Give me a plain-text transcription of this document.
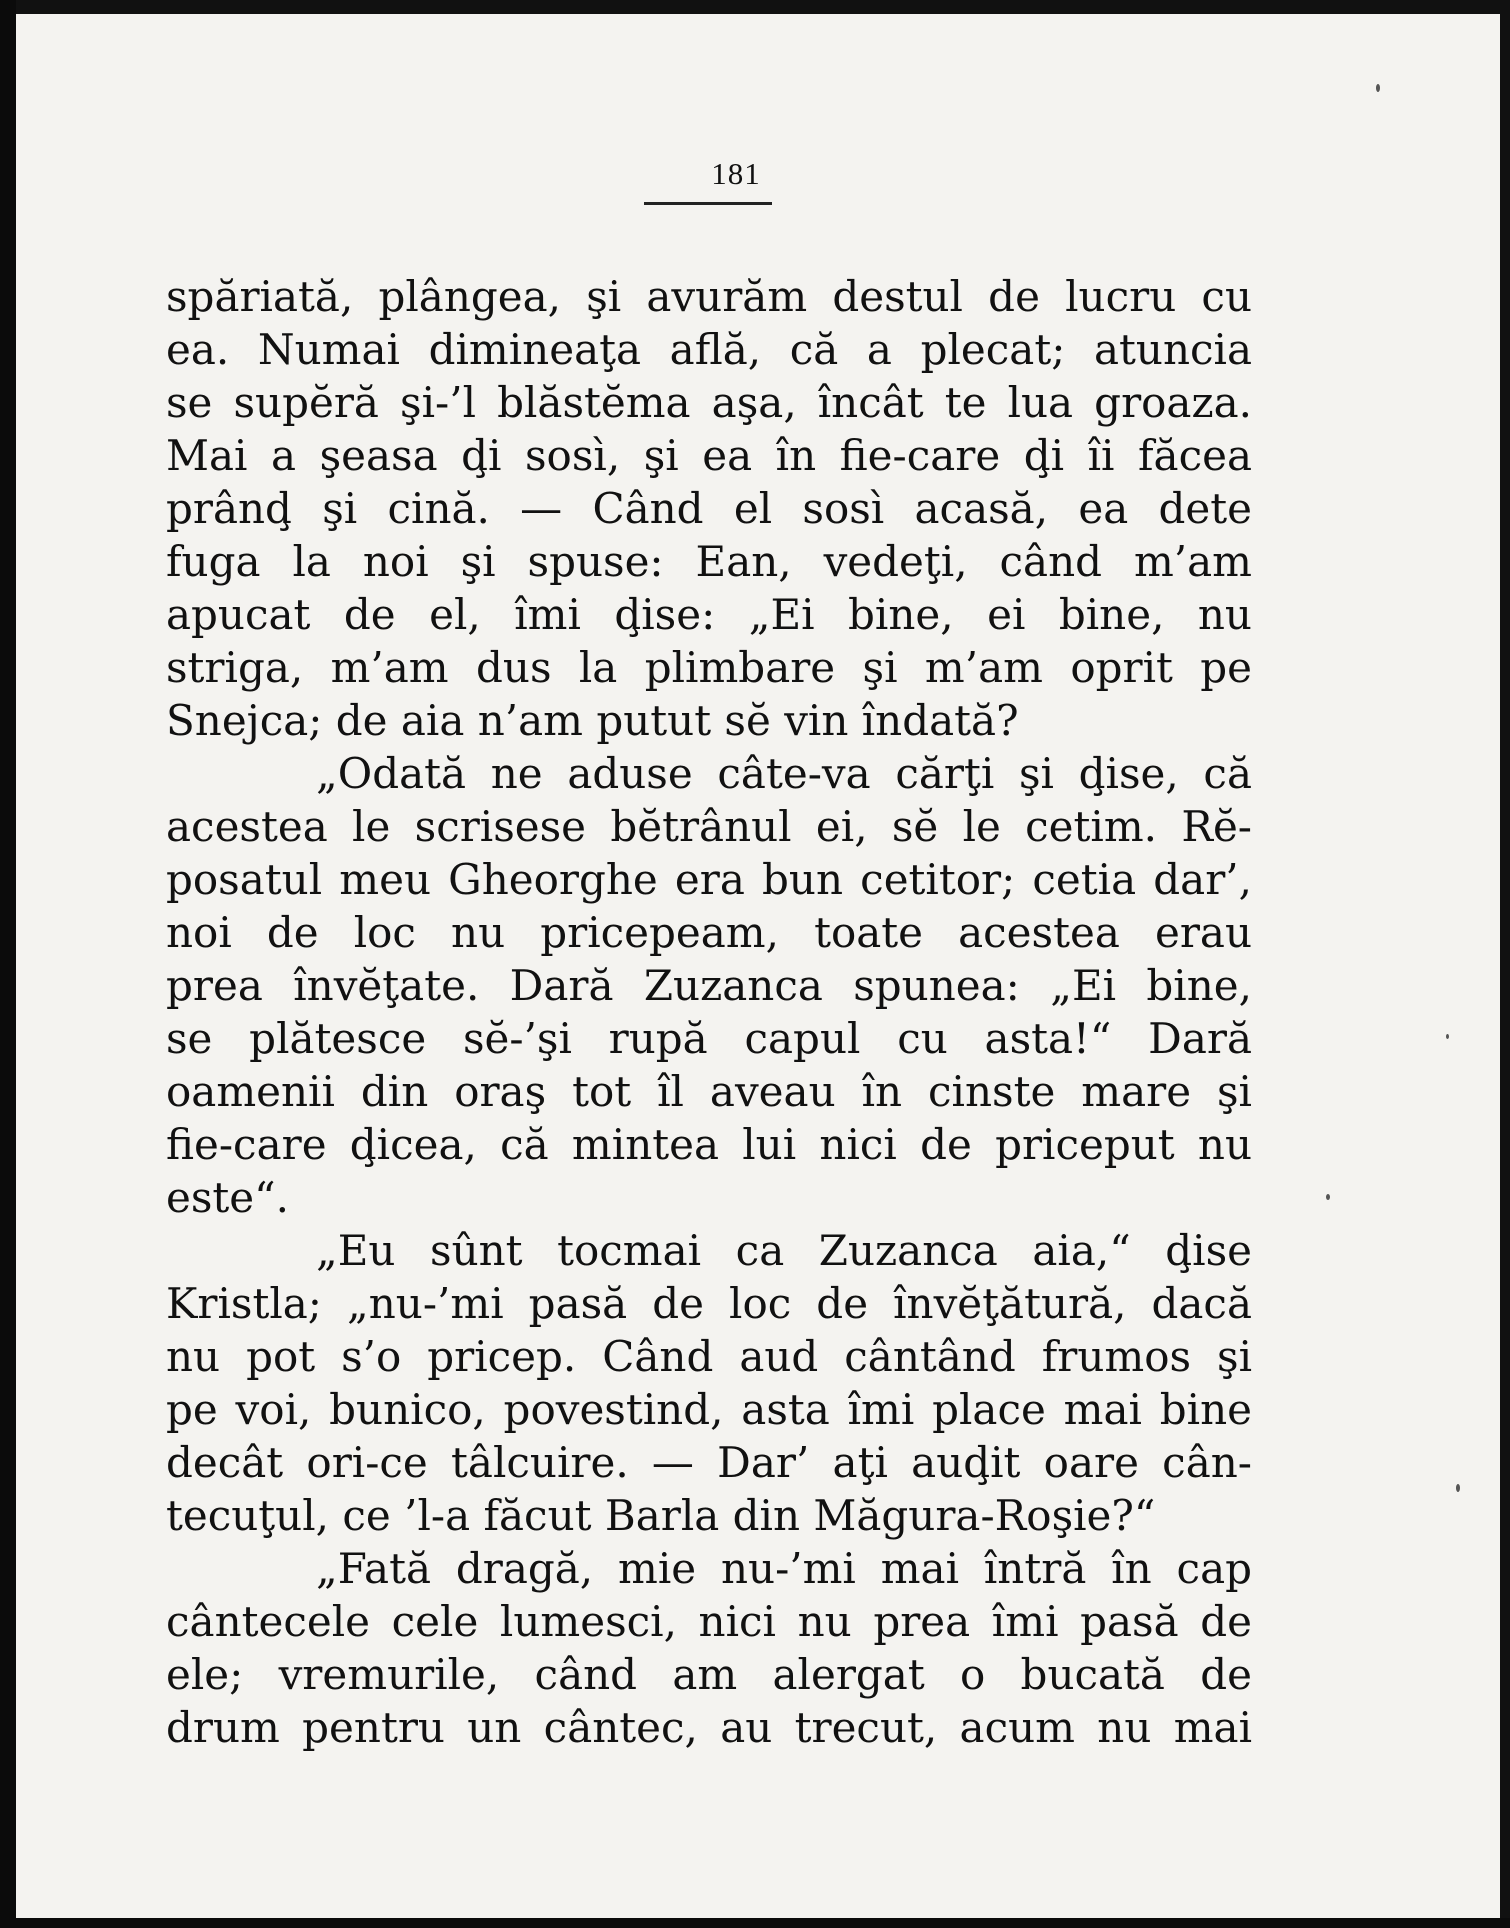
181
spăriată, plângea, şi avurăm destul de lucru cu
ea. Numai dimineaţa află, că a plecat; atuncia
se supĕră şi-’l blăstĕma aşa, încât te lua groaza.
Mai a şeasa ḑi sosì, şi ea în fie-care ḑi îi făcea
prânḑ şi cină. — Când el sosì acasă, ea dete
fuga la noi şi spuse: Ean, vedeţi, când m’am
apucat de el, îmi ḑise: „Ei bine, ei bine, nu
striga, m’am dus la plimbare şi m’am oprit pe
Snejca; de aia n’am putut sĕ vin îndată?
„Odată ne aduse câte-va cărţi şi ḑise, că
acestea le scrisese bĕtrânul ei, sĕ le cetim. Rĕ-
posatul meu Gheorghe era bun cetitor; cetia dar’,
noi de loc nu pricepeam, toate acestea erau
prea învĕţate. Dară Zuzanca spunea: „Ei bine,
se plătesce sĕ-’şi rupă capul cu asta!“ Dară
oamenii din oraş tot îl aveau în cinste mare şi
fie-care ḑicea, că mintea lui nici de priceput nu
este“.
„Eu sûnt tocmai ca Zuzanca aia,“ ḑise
Kristla; „nu-’mi pasă de loc de învĕţătură, dacă
nu pot s’o pricep. Când aud cântând frumos şi
pe voi, bunico, povestind, asta îmi place mai bine
decât ori-ce tâlcuire. — Dar’ aţi auḑit oare cân-
tecuţul, ce ’l-a făcut Barla din Măgura-Roşie?“
„Fată dragă, mie nu-’mi mai întră în cap
cântecele cele lumesci, nici nu prea îmi pasă de
ele; vremurile, când am alergat o bucată de
drum pentru un cântec, au trecut, acum nu mai
